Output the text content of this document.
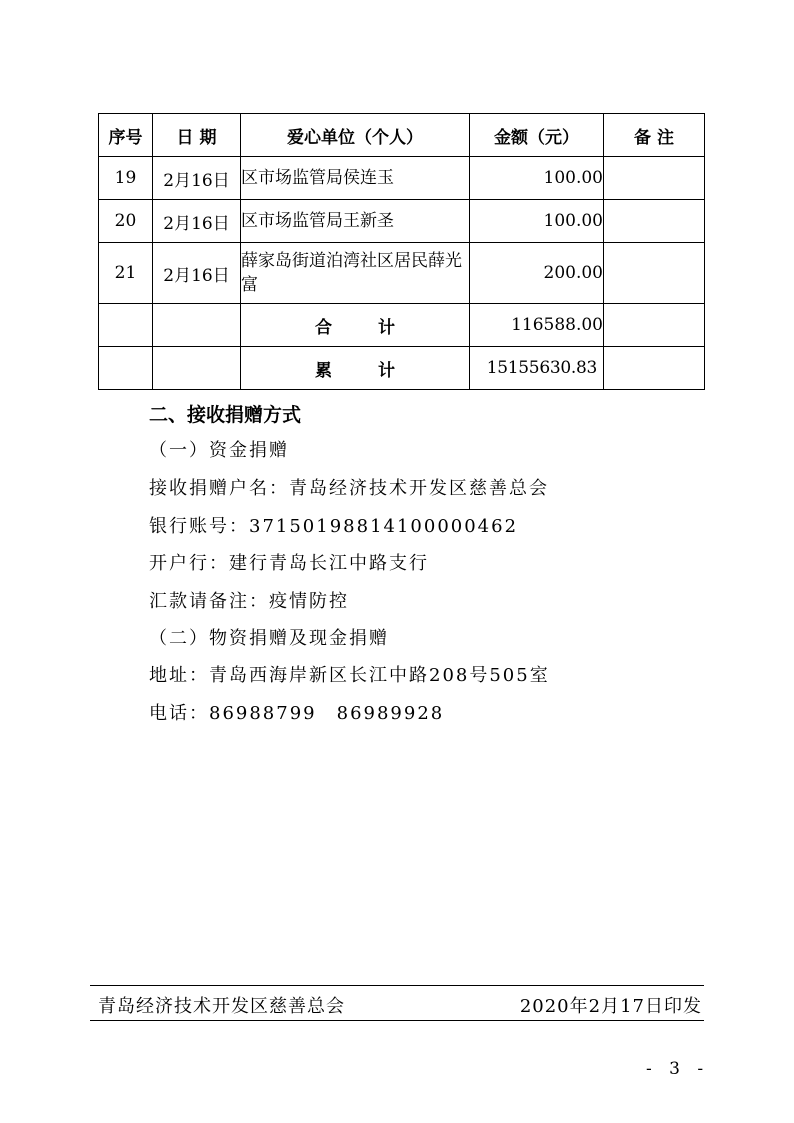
序号	日 期	爱心单位（个人）	金额（元）	备 注
19	2月16日	区市场监管局侯连玉	100.00	
20	2月16日	区市场监管局王新圣	100.00	
21	2月16日	薛家岛街道泊湾社区居民薛光富	200.00	
		合 计	116588.00	
		累 计	15155630.83	
二、接收捐赠方式
（一）资金捐赠
接收捐赠户名：青岛经济技术开发区慈善总会
银行账号：37150198814100000462
开户行：建行青岛长江中路支行
汇款请备注：疫情防控
（二）物资捐赠及现金捐赠
地址：青岛西海岸新区长江中路208号505室
电话：86988799 86989928
青岛经济技术开发区慈善总会	2020年2月17日印发
- 3 -
